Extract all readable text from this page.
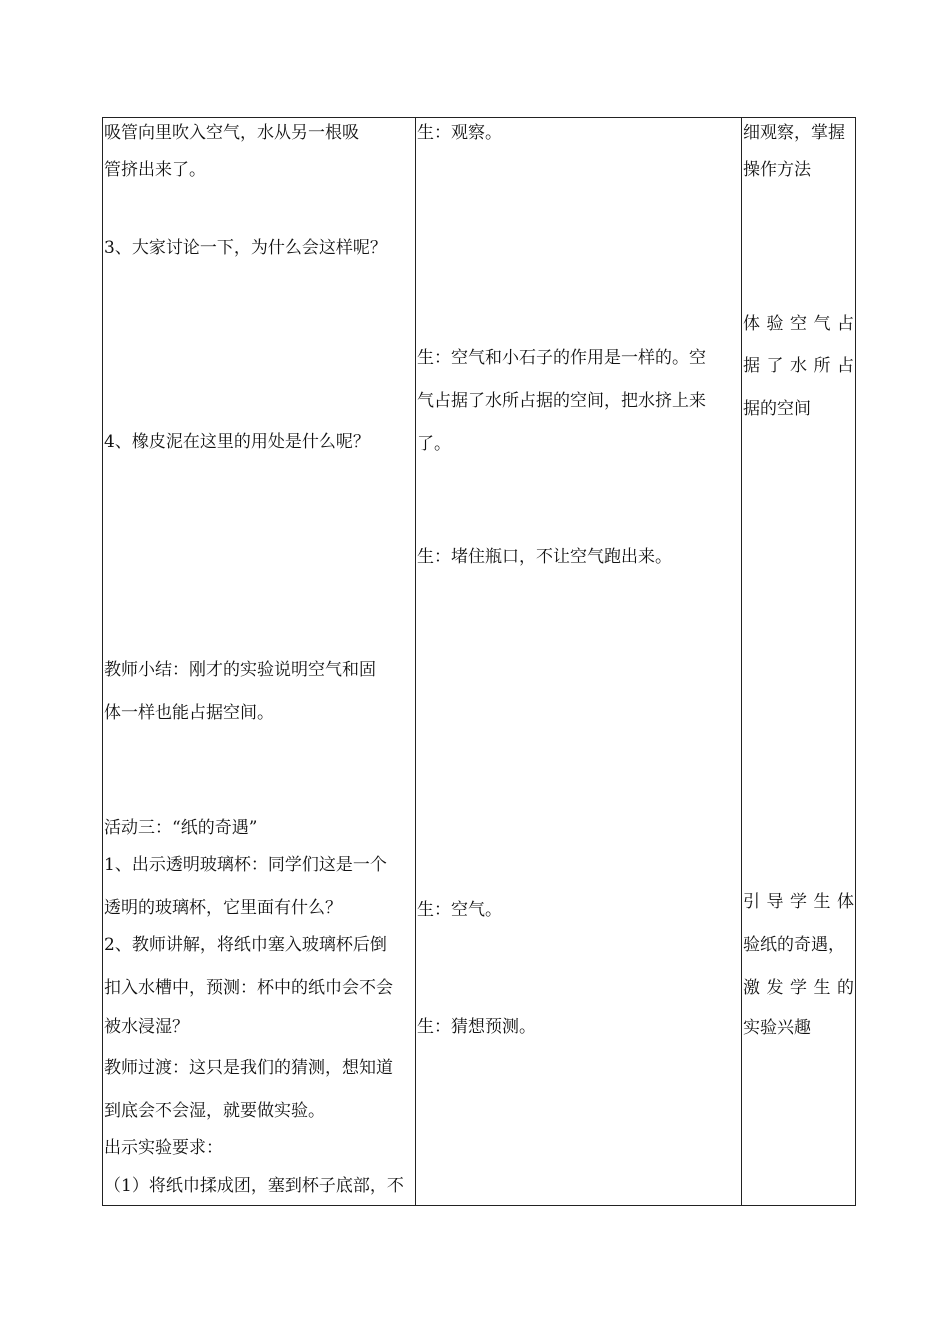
吸管向里吹入空气，水从另一根吸

管挤出来了。

3、大家讨论一下，为什么会这样呢？

4、橡皮泥在这里的用处是什么呢？

教师小结：刚才的实验说明空气和固

体一样也能占据空间。

活动三：“纸的奇遇”

1、出示透明玻璃杯：同学们这是一个

透明的玻璃杯，它里面有什么？

2、教师讲解，将纸巾塞入玻璃杯后倒

扣入水槽中，预测：杯中的纸巾会不会

被水浸湿？

教师过渡：这只是我们的猜测，想知道

到底会不会湿，就要做实验。

出示实验要求：

（1）将纸巾揉成团，塞到杯子底部，不

生：观察。

生：空气和小石子的作用是一样的。空

气占据了水所占据的空间，把水挤上来

了。

生：堵住瓶口，不让空气跑出来。

生：空气。

生：猜想预测。

细观察，掌握

操作方法

体验空气占

据了水所占

据的空间

引导学生体

验纸的奇遇，

激发学生的

实验兴趣
